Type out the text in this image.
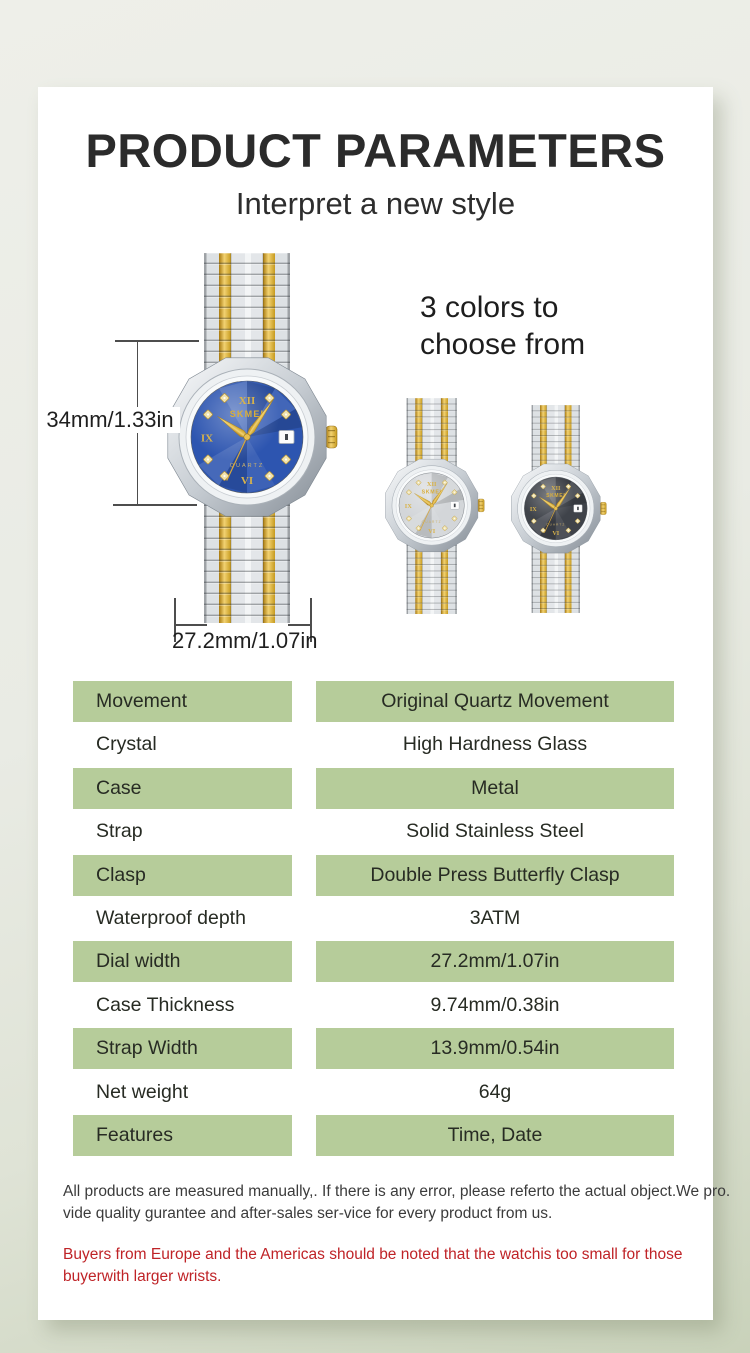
PRODUCT PARAMETERS
Interpret a new style
3 colors to choose from
34mm/1.33in
27.2mm/1.07in
Movement	Original Quartz Movement
Crystal	High Hardness Glass
Case	Metal
Strap	Solid Stainless Steel
Clasp	Double Press Butterfly Clasp
Waterproof depth	3ATM
Dial width	27.2mm/1.07in
Case Thickness	9.74mm/0.38in
Strap Width	13.9mm/0.54in
Net weight	64g
Features	Time, Date
All products are measured manually,. If there is any error, please referto the actual object.We pro.
vide quality gurantee and after-sales ser-vice for every product from us.
Buyers from Europe and the Americas should be noted that the watchis too small for those
buyerwith larger wrists.
